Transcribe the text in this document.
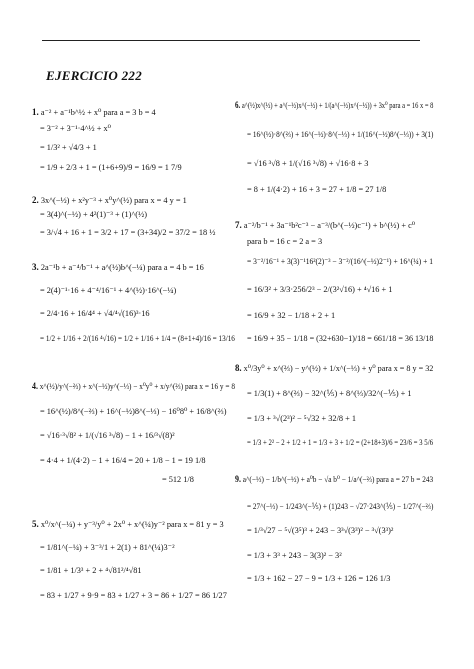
EJERCICIO 222
1. a⁻² + a⁻¹b^½ + x⁰ para a = 3 b = 4
= 3⁻² + 3⁻¹·4^½ + x⁰
= 1/3² + √4/3 + 1
= 1/9 + 2/3 + 1 = (1+6+9)/9 = 16/9 = 1 7/9
2. 3x^(−½) + x²y⁻³ + x⁰y^(½) para x = 4 y = 1
= 3(4)^(−½) + 4²(1)⁻³ + (1)^(½)
= 3/√4 + 16 + 1 = 3/2 + 17 = (3+34)/2 = 37/2 = 18 ½
3. 2a⁻¹b + a⁻⁴/b⁻¹ + a^(½)b^(−¼) para a = 4 b = 16
= 2(4)⁻¹·16 + 4⁻⁴/16⁻¹ + 4^(½)·16^(−¼)
= 2/4·16 + 16/4⁴ + √4/⁴√(16)³·16
= 1/2 + 1/16 + 2/(16 ⁴√16) = 1/2 + 1/16 + 1/4 = (8+1+4)/16 = 13/16
4. x^(½)/y^(−⅔) + x^(−½)y^(−⅓) − x⁰y⁰ + x/y^(⅔) para x = 16 y = 8
= 16^(½)/8^(−⅔) + 16^(−½)8^(−⅓) − 16⁰8⁰ + 16/8^(⅔)
= √16·³√8² + 1/(√16 ³√8) − 1 + 16/³√(8)²
= 4·4 + 1/(4·2) − 1 + 16/4 = 20 + 1/8 − 1 = 19 1/8
= 512 1/8
5. x⁰/x^(−¼) + y⁻³/y⁰ + 2x⁰ + x^(¼)y⁻² para x = 81 y = 3
= 1/81^(−¼) + 3⁻³/1 + 2(1) + 81^(¼)3⁻²
= 1/81 + 1/3³ + 2 + ⁴√81²/⁴√81
= 83 + 1/27 + 9·9 = 83 + 1/27 + 3 = 86 + 1/27 = 86 1/27
6. a^(½)x^(½) + a^(−½)x^(−½) + 1/(a^(−½)x^(−½)) + 3x⁰ para a = 16 x = 8
= 16^(½)·8^(⅔) + 16^(−½)·8^(−⅓) + 1/(16^(−½)8^(−⅓)) + 3(1)
= √16 ³√8 + 1/(√16 ³√8) + √16·8 + 3
= 8 + 1/(4·2) + 16 + 3 = 27 + 1/8 = 27 1/8
7. a⁻²/b⁻¹ + 3a⁻¹b²c⁻³ − a⁻³/(b^(−½)c⁻¹) + b^(½) + c⁰
para b = 16 c = 2 a = 3
= 3⁻²/16⁻¹ + 3(3)⁻¹16²(2)⁻³ − 3⁻²/(16^(−½)2⁻¹) + 16^(¼) + 1
= 16/3² + 3/3·256/2³ − 2/(3²√16) + ⁴√16 + 1
= 16/9 + 32 − 1/18 + 2 + 1
= 16/9 + 35 − 1/18 = (32+630−1)/18 = 661/18 = 36 13/18
8. x⁰/3y⁰ + x^(⅔) − y^(½) + 1/x^(−⅓) + y⁰ para x = 8 y = 32
= 1/3(1) + 8^(⅔) − 32^(⅕) + 8^(⅓)/32^(−⅕) + 1
= 1/3 + ³√(2³)² − ⁵√32 + 32/8 + 1
= 1/3 + 2² − 2 + 1/2 + 1 = 1/3 + 3 + 1/2 = (2+18+3)/6 = 23/6 = 3 5/6
9. a^(−⅓) − 1/b^(−½) + a⁰b − √a b⁰ − 1/a^(−⅔) para a = 27 b = 243
= 27^(−⅓) − 1/243^(−⅕) + (1)243 − √27·243^(⅕) − 1/27^(−⅔)
= 1/³√27 − ⁵√(3⁵)³ + 243 − 3³√(3³)² − ³√(3³)²
= 1/3 + 3³ + 243 − 3(3)² − 3²
= 1/3 + 162 − 27 − 9 = 1/3 + 126 = 126 1/3
